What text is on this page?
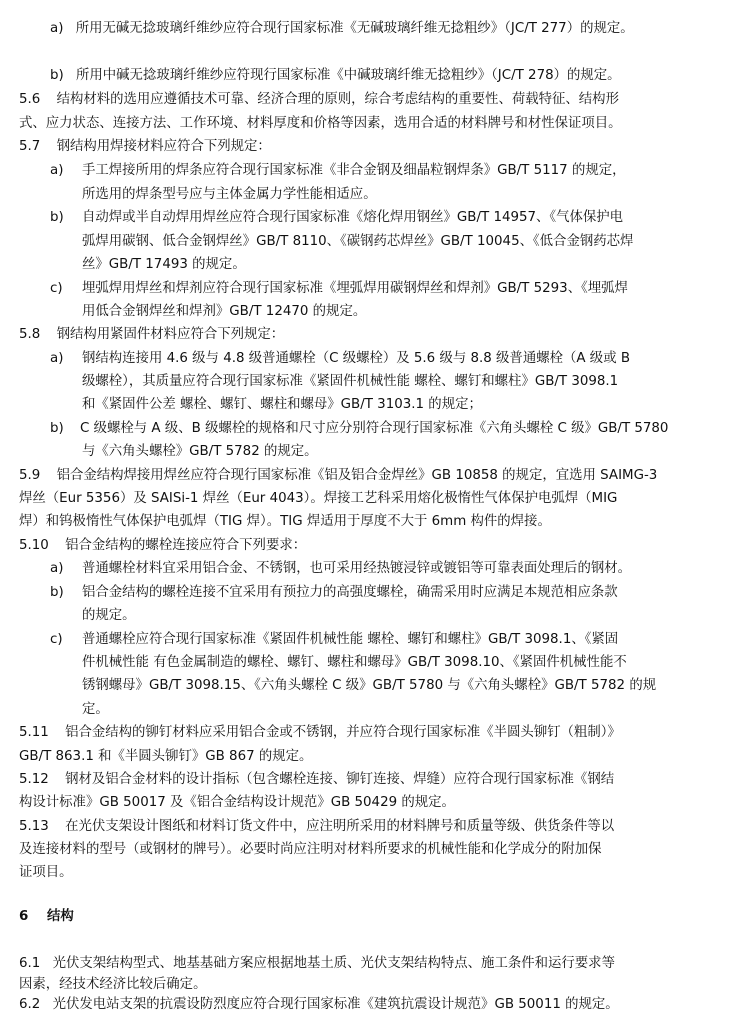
a) 所用无碱无捻玻璃纤维纱应符合现行国家标准《无碱玻璃纤维无捻粗纱》（JC/T 277）的规定。
b) 所用中碱无捻玻璃纤维纱应符现行国家标准《中碱玻璃纤维无捻粗纱》（JC/T 278）的规定。
5.6 结构材料的选用应遵循技术可靠、经济合理的原则，综合考虑结构的重要性、荷载特征、结构形
式、应力状态、连接方法、工作环境、材料厚度和价格等因素，选用合适的材料牌号和材性保证项目。
5.7 钢结构用焊接材料应符合下列规定：
a) 手工焊接所用的焊条应符合现行国家标准《非合金钢及细晶粒钢焊条》GB/T 5117 的规定，
所选用的焊条型号应与主体金属力学性能相适应。
b) 自动焊或半自动焊用焊丝应符合现行国家标准《熔化焊用钢丝》GB/T 14957、《气体保护电
弧焊用碳钢、低合金钢焊丝》GB/T 8110、《碳钢药芯焊丝》GB/T 10045、《低合金钢药芯焊
丝》GB/T 17493 的规定。
c) 埋弧焊用焊丝和焊剂应符合现行国家标准《埋弧焊用碳钢焊丝和焊剂》GB/T 5293、《埋弧焊
用低合金钢焊丝和焊剂》GB/T 12470 的规定。
5.8 钢结构用紧固件材料应符合下列规定：
a) 钢结构连接用 4.6 级与 4.8 级普通螺栓（C 级螺栓）及 5.6 级与 8.8 级普通螺栓（A 级或 B
级螺栓），其质量应符合现行国家标准《紧固件机械性能 螺栓、螺钉和螺柱》GB/T 3098.1
和《紧固件公差 螺栓、螺钉、螺柱和螺母》GB/T 3103.1 的规定；
b) C 级螺栓与 A 级、B 级螺栓的规格和尺寸应分别符合现行国家标准《六角头螺栓 C 级》GB/T 5780
与《六角头螺栓》GB/T 5782 的规定。
5.9 铝合金结构焊接用焊丝应符合现行国家标准《铝及铝合金焊丝》GB 10858 的规定，宜选用 SAIMG-3
焊丝（Eur 5356）及 SAISi-1 焊丝（Eur 4043）。焊接工艺科采用熔化极惰性气体保护电弧焊（MIG
焊）和钨极惰性气体保护电弧焊（TIG 焊）。TIG 焊适用于厚度不大于 6mm 构件的焊接。
5.10 铝合金结构的螺栓连接应符合下列要求：
a) 普通螺栓材料宜采用铝合金、不锈钢，也可采用经热镀浸锌或镀铝等可靠表面处理后的钢材。
b) 铝合金结构的螺栓连接不宜采用有预拉力的高强度螺栓，确需采用时应满足本规范相应条款
的规定。
c) 普通螺栓应符合现行国家标准《紧固件机械性能 螺栓、螺钉和螺柱》GB/T 3098.1、《紧固
件机械性能 有色金属制造的螺栓、螺钉、螺柱和螺母》GB/T 3098.10、《紧固件机械性能不
锈钢螺母》GB/T 3098.15、《六角头螺栓 C 级》GB/T 5780 与《六角头螺栓》GB/T 5782 的规
定。
5.11 铝合金结构的铆钉材料应采用铝合金或不锈钢，并应符合现行国家标准《半圆头铆钉（粗制）》
GB/T 863.1 和《半圆头铆钉》GB 867 的规定。
5.12 钢材及铝合金材料的设计指标（包含螺栓连接、铆钉连接、焊缝）应符合现行国家标准《钢结
构设计标准》GB 50017 及《铝合金结构设计规范》GB 50429 的规定。
5.13 在光伏支架设计图纸和材料订货文件中，应注明所采用的材料牌号和质量等级、供货条件等以
及连接材料的型号（或钢材的牌号）。必要时尚应注明对材料所要求的机械性能和化学成分的附加保
证项目。
6 结构
6.1 光伏支架结构型式、地基基础方案应根据地基土质、光伏支架结构特点、施工条件和运行要求等
因素，经技术经济比较后确定。
6.2 光伏发电站支架的抗震设防烈度应符合现行国家标准《建筑抗震设计规范》GB 50011 的规定。
